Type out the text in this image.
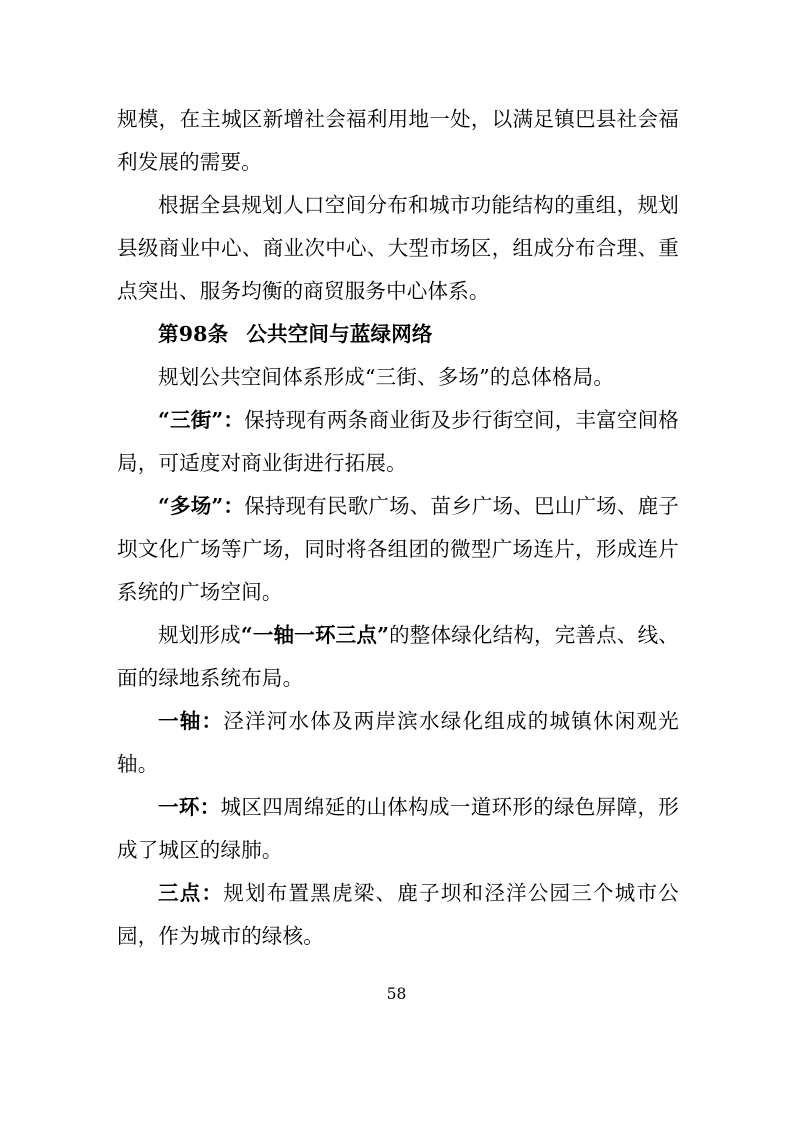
规模，在主城区新增社会福利用地一处，以满足镇巴县社会福利发展的需要。

根据全县规划人口空间分布和城市功能结构的重组，规划县级商业中心、商业次中心、大型市场区，组成分布合理、重点突出、服务均衡的商贸服务中心体系。

第98条 公共空间与蓝绿网络

规划公共空间体系形成“三街、多场”的总体格局。

“三街”：保持现有两条商业街及步行街空间，丰富空间格局，可适度对商业街进行拓展。

“多场”：保持现有民歌广场、苗乡广场、巴山广场、鹿子坝文化广场等广场，同时将各组团的微型广场连片，形成连片系统的广场空间。

规划形成“一轴一环三点”的整体绿化结构，完善点、线、面的绿地系统布局。

一轴：泾洋河水体及两岸滨水绿化组成的城镇休闲观光轴。

一环：城区四周绵延的山体构成一道环形的绿色屏障，形成了城区的绿肺。

三点：规划布置黑虎梁、鹿子坝和泾洋公园三个城市公园，作为城市的绿核。

58
